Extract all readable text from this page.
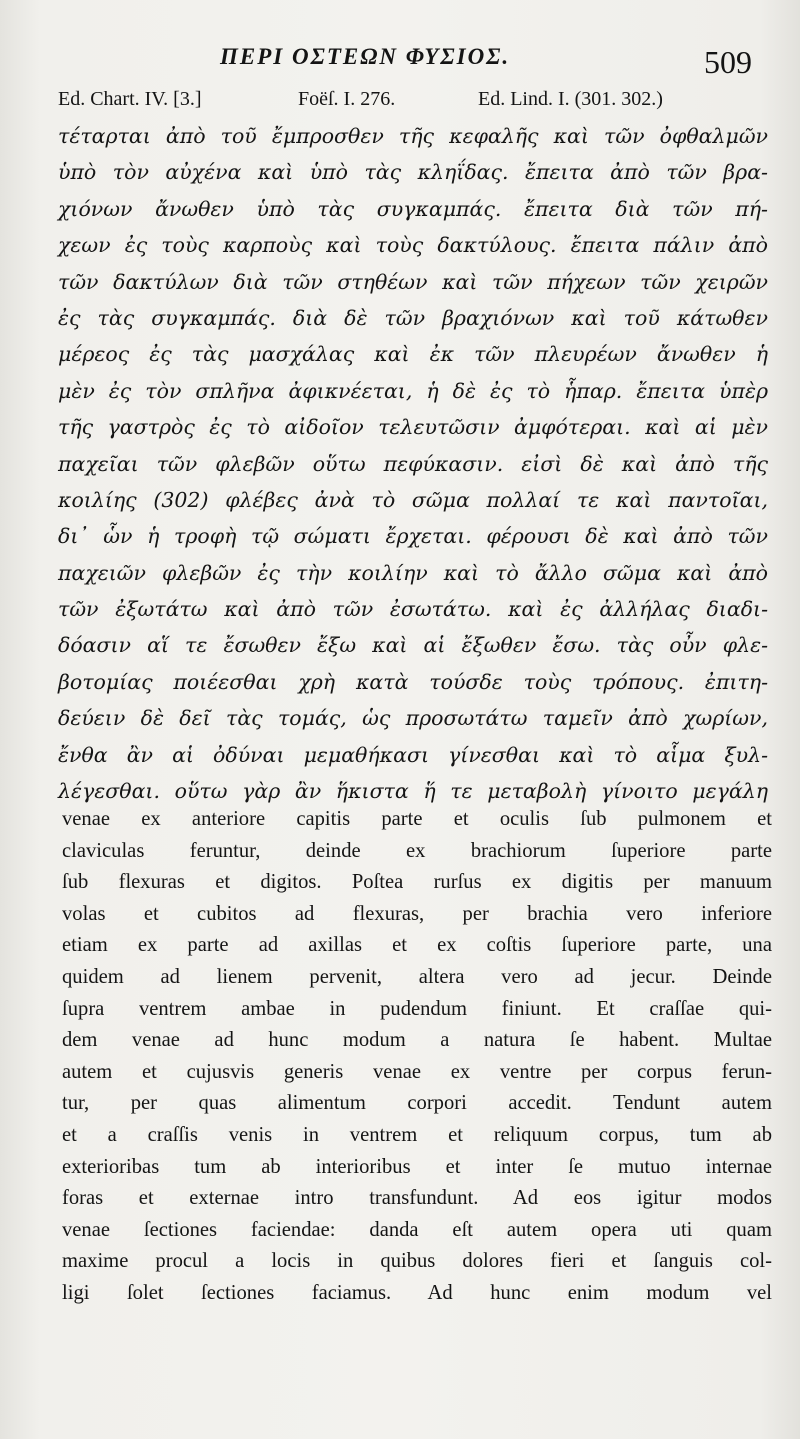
ΠΕΡΙ ΟΣΤΕΩΝ ΦΥΣΙΟΣ.	509
Ed. Chart. IV. [3.]	Foëſ. I. 276.	Ed. Lind. I. (301. 302.)
τέταρται ἀπὸ τοῦ ἔμπροσθεν τῆς κεφαλῆς καὶ τῶν ὀφθαλμῶν
ὑπὸ τὸν αὐχένα καὶ ὑπὸ τὰς κληΐδας. ἔπειτα ἀπὸ τῶν βρα-
χιόνων ἄνωθεν ὑπὸ τὰς συγκαμπάς. ἔπειτα διὰ τῶν πή-
χεων ἐς τοὺς καρποὺς καὶ τοὺς δακτύλους. ἔπειτα πάλιν ἀπὸ
τῶν δακτύλων διὰ τῶν στηθέων καὶ τῶν πήχεων τῶν χειρῶν
ἐς τὰς συγκαμπάς. διὰ δὲ τῶν βραχιόνων καὶ τοῦ κάτωθεν
μέρεος ἐς τὰς μασχάλας καὶ ἐκ τῶν πλευρέων ἄνωθεν ἡ
μὲν ἐς τὸν σπλῆνα ἀφικνέεται, ἡ δὲ ἐς τὸ ἧπαρ. ἔπειτα ὑπὲρ
τῆς γαστρὸς ἐς τὸ αἰδοῖον τελευτῶσιν ἀμφότεραι. καὶ αἱ μὲν
παχεῖαι τῶν φλεβῶν οὕτω πεφύκασιν. εἰσὶ δὲ καὶ ἀπὸ τῆς
κοιλίης (302) φλέβες ἀνὰ τὸ σῶμα πολλαί τε καὶ παντοῖαι,
δι᾽ ὧν ἡ τροφὴ τῷ σώματι ἔρχεται. φέρουσι δὲ καὶ ἀπὸ τῶν
παχειῶν φλεβῶν ἐς τὴν κοιλίην καὶ τὸ ἄλλο σῶμα καὶ ἀπὸ
τῶν ἐξωτάτω καὶ ἀπὸ τῶν ἐσωτάτω. καὶ ἐς ἀλλήλας διαδι-
δόασιν αἵ τε ἔσωθεν ἔξω καὶ αἱ ἔξωθεν ἔσω. τὰς οὖν φλε-
βοτομίας ποιέεσθαι χρὴ κατὰ τούσδε τοὺς τρόπους. ἐπιτη-
δεύειν δὲ δεῖ τὰς τομάς, ὡς προσωτάτω ταμεῖν ἀπὸ χωρίων,
ἔνθα ἂν αἱ ὀδύναι μεμαθήκασι γίνεσθαι καὶ τὸ αἷμα ξυλ-
λέγεσθαι. οὕτω γὰρ ἂν ἥκιστα ἥ τε μεταβολὴ γίνοιτο μεγάλη
venae ex anteriore capitis parte et oculis ſub pulmonem et
claviculas feruntur, deinde ex brachiorum ſuperiore parte
ſub flexuras et digitos. Poſtea rurſus ex digitis per manuum
volas et cubitos ad flexuras, per brachia vero inferiore
etiam ex parte ad axillas et ex coſtis ſuperiore parte, una
quidem ad lienem pervenit, altera vero ad jecur. Deinde
ſupra ventrem ambae in pudendum finiunt. Et craſſae qui-
dem venae ad hunc modum a natura ſe habent. Multae
autem et cujusvis generis venae ex ventre per corpus ferun-
tur, per quas alimentum corpori accedit. Tendunt autem
et a craſſis venis in ventrem et reliquum corpus, tum ab
exterioribas tum ab interioribus et inter ſe mutuo internae
foras et externae intro transfundunt. Ad eos igitur modos
venae ſectiones faciendae: danda eſt autem opera uti quam
maxime procul a locis in quibus dolores fieri et ſanguis col-
ligi ſolet ſectiones faciamus. Ad hunc enim modum vel
